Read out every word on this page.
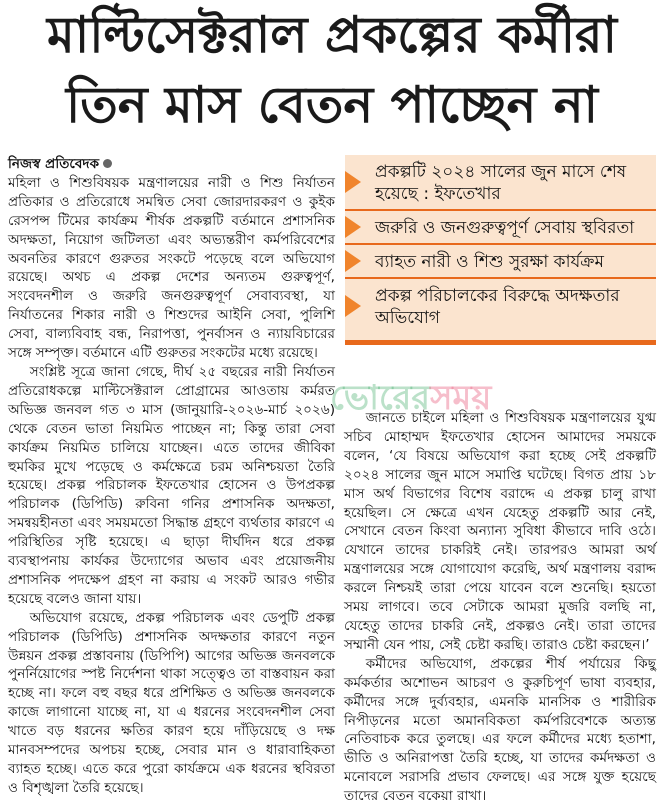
মাল্টিসেক্টরাল প্রকল্পের কর্মীরা
তিন মাস বেতন পাচ্ছেন না
নিজস্ব প্রতিবেদক

মহিলা ও শিশুবিষয়ক মন্ত্রণালয়ের নারী ও শিশু নির্যাতন প্রতিকার ও প্রতিরোধে সমন্বিত সেবা জোরদারকরণ ও কুইক রেসপন্স টিমের কার্যক্রম শীর্ষক প্রকল্পটি বর্তমানে প্রশাসনিক অদক্ষতা, নিয়োগ জটিলতা এবং অভ্যন্তরীণ কর্মপরিবেশের অবনতির কারণে গুরুতর সংকটে পড়েছে বলে অভিযোগ রয়েছে। অথচ এ প্রকল্প দেশের অন্যতম গুরুত্বপূর্ণ, সংবেদনশীল ও জরুরি জনগুরুত্বপূর্ণ সেবাব্যবস্থা, যা নির্যাতনের শিকার নারী ও শিশুদের আইনি সেবা, পুলিশি সেবা, বাল্যবিবাহ বন্ধ, নিরাপত্তা, পুনর্বাসন ও ন্যায়বিচারের সঙ্গে সম্পৃক্ত। বর্তমানে এটি গুরুতর সংকটের মধ্যে রয়েছে।

সংশ্লিষ্ট সূত্রে জানা গেছে, দীর্ঘ ২৫ বছরের নারী নির্যাতন প্রতিরোধকল্পে মাল্টিসেক্টরাল প্রোগ্রামের আওতায় কর্মরত অভিজ্ঞ জনবল গত ৩ মাস (জানুয়ারি-২০২৬-মার্চ ২০২৬) থেকে বেতন ভাতা নিয়মিত পাচ্ছেন না; কিন্তু তারা সেবা কার্যক্রম নিয়মিত চালিয়ে যাচ্ছেন। এতে তাদের জীবিকা হুমকির মুখে পড়েছে ও কর্মক্ষেত্রে চরম অনিশ্চয়তা তৈরি হয়েছে। প্রকল্প পরিচালক ইফতেখার হোসেন ও উপপ্রকল্প পরিচালক (ডিপিডি) রুবিনা গনির প্রশাসনিক অদক্ষতা, সমন্বয়হীনতা এবং সময়মতো সিদ্ধান্ত গ্রহণে ব্যর্থতার কারণে এ পরিস্থিতির সৃষ্টি হয়েছে। এ ছাড়া দীর্ঘদিন ধরে প্রকল্প ব্যবস্থাপনায় কার্যকর উদ্যোগের অভাব এবং প্রয়োজনীয় প্রশাসনিক পদক্ষেপ গ্রহণ না করায় এ সংকট আরও গভীর হয়েছে বলেও জানা যায়।

অভিযোগ রয়েছে, প্রকল্প পরিচালক এবং ডেপুটি প্রকল্প পরিচালক (ডিপিডি) প্রশাসনিক অদক্ষতার কারণে নতুন উন্নয়ন প্রকল্প প্রস্তাবনায় (ডিপিপি) আগের অভিজ্ঞ জনবলকে পুনর্নিয়োগের স্পষ্ট নির্দেশনা থাকা সত্ত্বেও তা বাস্তবায়ন করা হচ্ছে না। ফলে বহু বছর ধরে প্রশিক্ষিত ও অভিজ্ঞ জনবলকে কাজে লাগানো যাচ্ছে না, যা এ ধরনের সংবেদনশীল সেবা খাতে বড় ধরনের ক্ষতির কারণ হয়ে দাঁড়িয়েছে ও দক্ষ মানবসম্পদের অপচয় হচ্ছে, সেবার মান ও ধারাবাহিকতা ব্যাহত হচ্ছে। এতে করে পুরো কার্যক্রমে এক ধরনের স্থবিরতা ও বিশৃঙ্খলা তৈরি হয়েছে।

প্রকল্পটি ২০২৪ সালের জুন মাসে শেষ হয়েছে : ইফতেখার
জরুরি ও জনগুরুত্বপূর্ণ সেবায় স্থবিরতা
ব্যাহত নারী ও শিশু সুরক্ষা কার্যক্রম
প্রকল্প পরিচালকের বিরুদ্ধে অদক্ষতার অভিযোগ
ভোরেরসময়

জানতে চাইলে মহিলা ও শিশুবিষয়ক মন্ত্রণালয়ের যুগ্ম সচিব মোহাম্মদ ইফতেখার হোসেন আমাদের সময়কে বলেন, ‘যে বিষয়ে অভিযোগ করা হচ্ছে সেই প্রকল্পটি ২০২৪ সালের জুন মাসে সমাপ্তি ঘটেছে। বিগত প্রায় ১৮ মাস অর্থ বিভাগের বিশেষ বরাদ্দে এ প্রকল্প চালু রাখা হয়েছিল। সে ক্ষেত্রে এখন যেহেতু প্রকল্পটি আর নেই, সেখানে বেতন কিংবা অন্যান্য সুবিধা কীভাবে দাবি ওঠে। যেখানে তাদের চাকরিই নেই। তারপরও আমরা অর্থ মন্ত্রণালয়ের সঙ্গে যোগাযোগ করেছি, অর্থ মন্ত্রণালয় বরাদ্দ করলে নিশ্চয়ই তারা পেয়ে যাবেন বলে শুনেছি। হয়তো সময় লাগবে। তবে সেটাকে আমরা মুজরি বলছি না, যেহেতু তাদের চাকরি নেই, প্রকল্পও নেই। তারা তাদের সম্মানী যেন পায়, সেই চেষ্টা করছি। তারাও চেষ্টা করছেন।’

কর্মীদের অভিযোগ, প্রকল্পের শীর্ষ পর্যায়ের কিছু কর্মকর্তার অশোভন আচরণ ও কুরুচিপূর্ণ ভাষা ব্যবহার, কর্মীদের সঙ্গে দুর্ব্যবহার, এমনকি মানসিক ও শারীরিক নিপীড়নের মতো অমানবিকতা কর্মপরিবেশকে অত্যন্ত নেতিবাচক করে তুলছে। এর ফলে কর্মীদের মধ্যে হতাশা, ভীতি ও অনিরাপত্তা তৈরি হচ্ছে, যা তাদের কর্মদক্ষতা ও মনোবলে সরাসরি প্রভাব ফেলছে। এর সঙ্গে যুক্ত হয়েছে তাদের বেতন বকেয়া রাখা।
